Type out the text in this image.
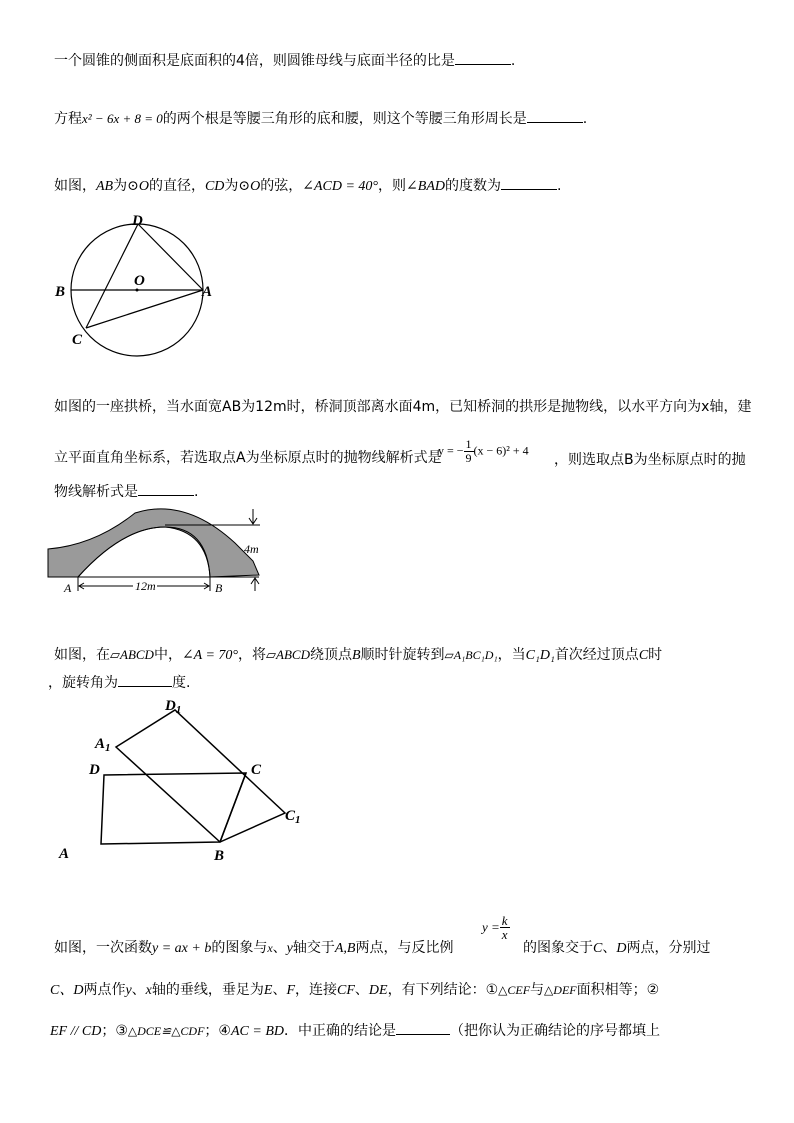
一个圆锥的侧面积是底面积的4倍，则圆锥母线与底面半径的比是	.
方程x² − 6x + 8 = 0的两个根是等腰三角形的底和腰，则这个等腰三角形周长是	.
如图，AB为⊙O的直径，CD为⊙O的弦，∠ACD = 40°，则∠BAD的度数为	.
D
O
B	A
C
如图的一座拱桥，当水面宽AB为12m时，桥洞顶部离水面4m，已知桥洞的拱形是抛物线，以水平方向为x轴，建
立平面直角坐标系，若选取点A为坐标原点时的抛物线解析式是
y = − $\frac{1}{9} (x - 6)^2 + 4$
，则选取点B为坐标原点时的抛
物线解析式是	.
4m
12m
A	B
如图，在▱ABCD中，∠A = 70°，将▱ABCD绕顶点B顺时针旋转到▱A₁BC₁D₁，当C₁D₁首次经过顶点C时
，旋转角为	度.
$D_1$
$A_1$
D	C
$C_1$
A	B
如图，一次函数y = ax + b的图象与x、y轴交于A,B两点，与反比例
$y = \frac{k}{x}$
的图象交于C、D两点，分别过
C、D两点作y、x轴的垂线，垂足为E、F，连接CF、DE，有下列结论：①△CEF与△DEF面积相等；②
EF // CD；③△DCE≌△CDF；④AC = BD．中正确的结论是	（把你认为正确结论的序号都填上
